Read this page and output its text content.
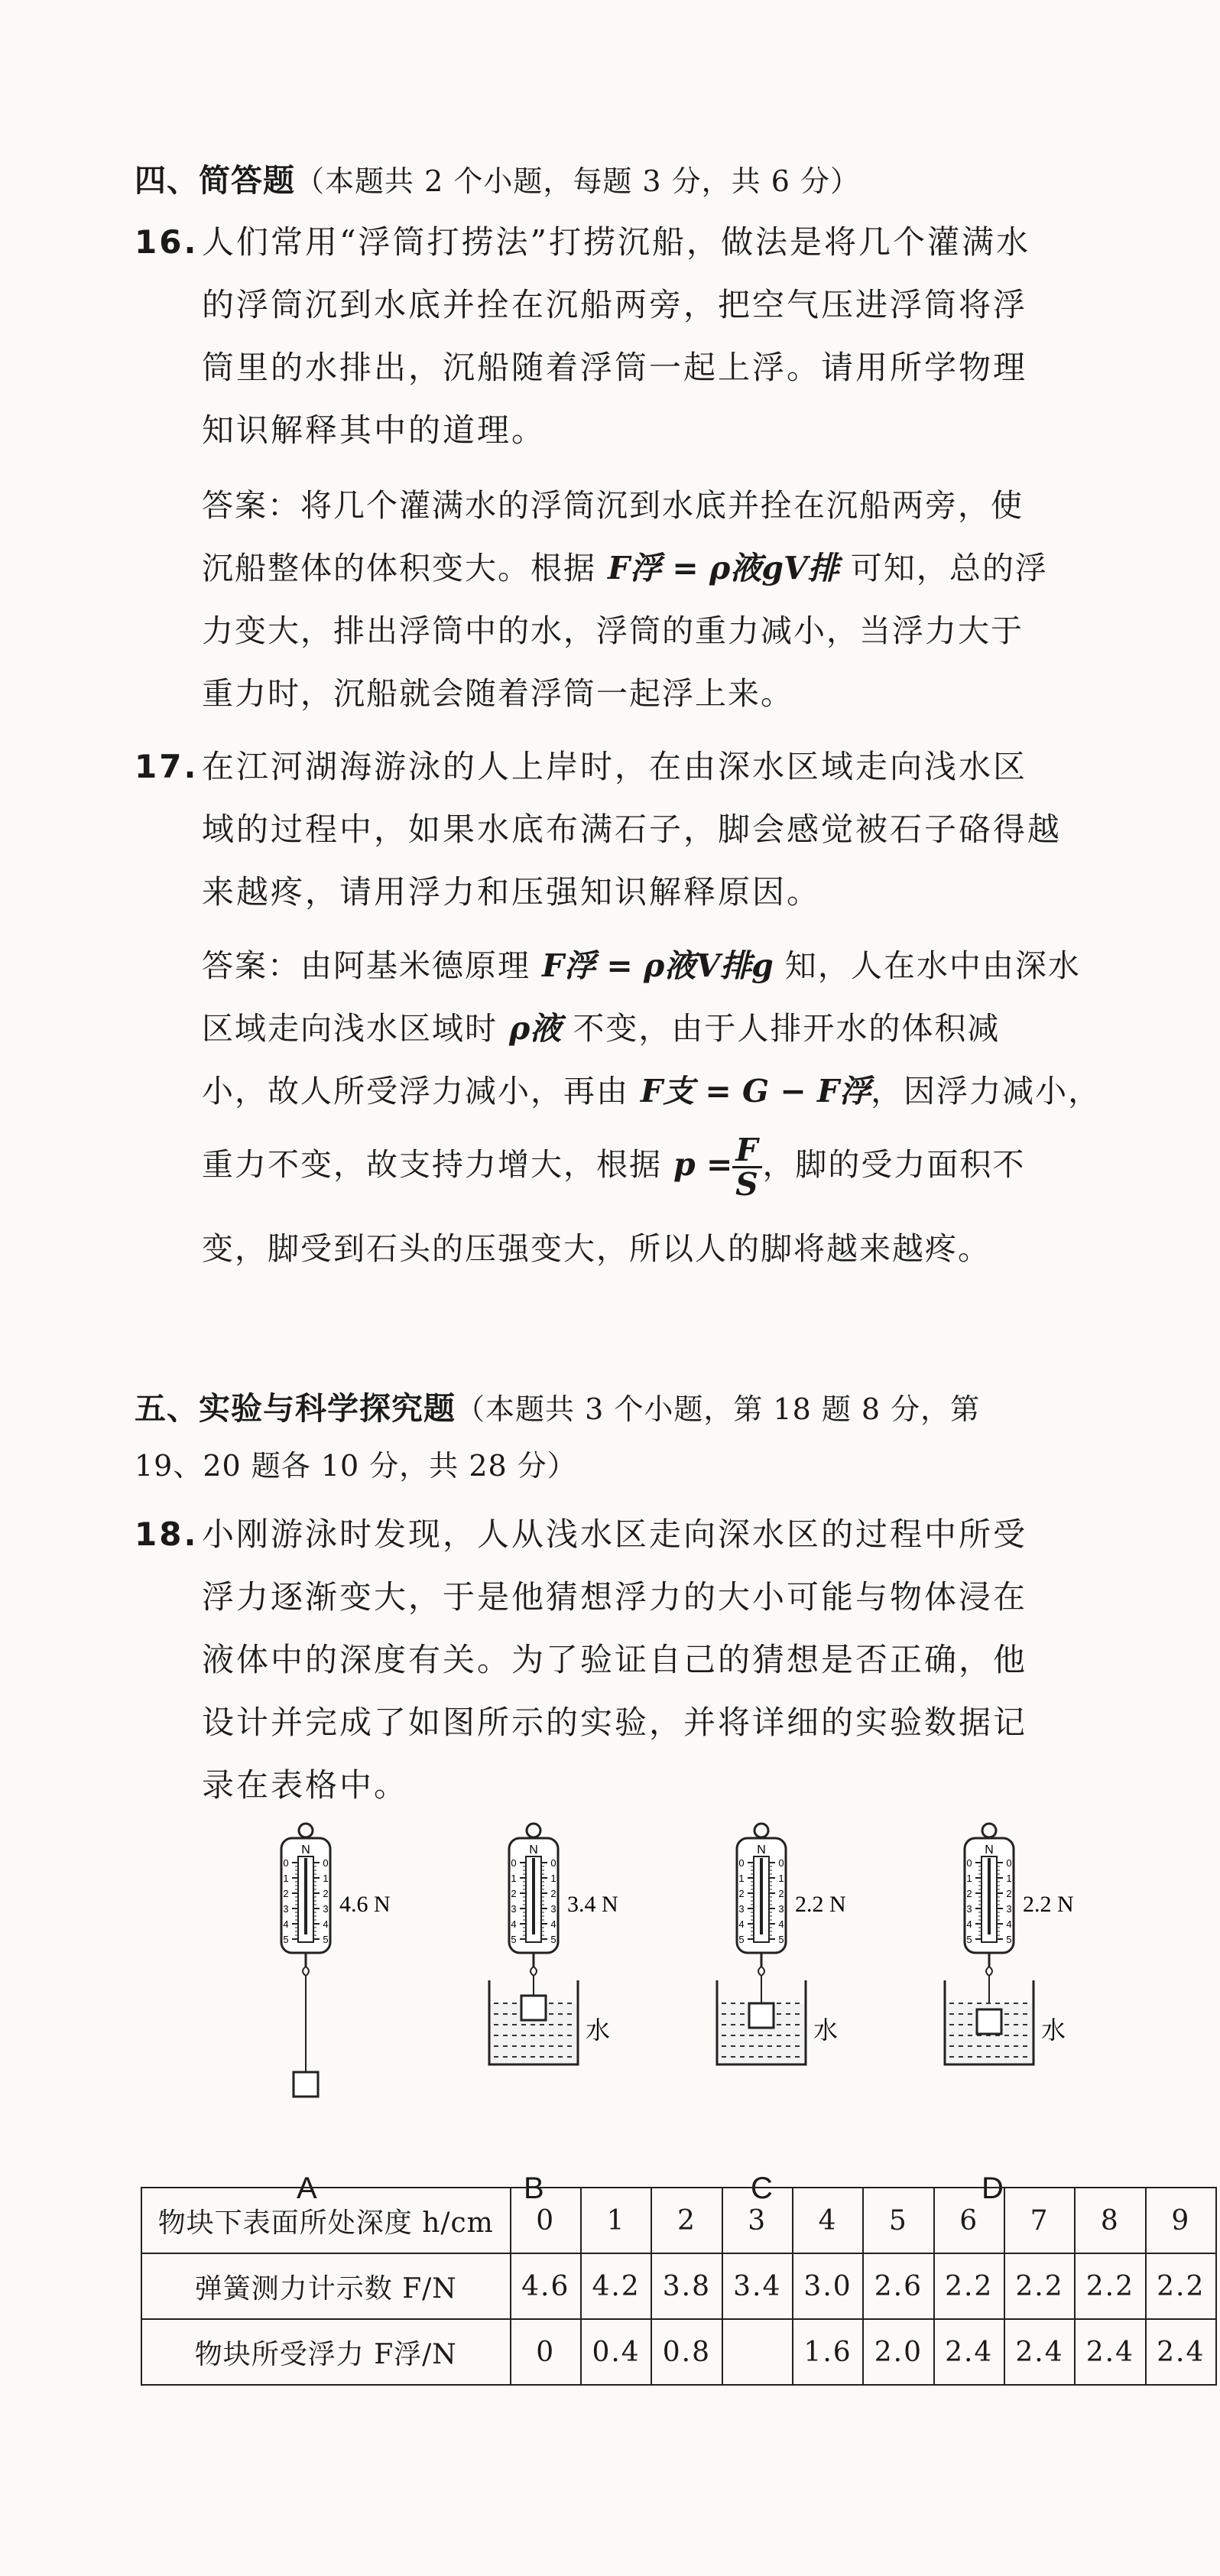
四、简答题（本题共 2 个小题，每题 3 分，共 6 分）
16. 人们常用“浮筒打捞法”打捞沉船，做法是将几个灌满水
的浮筒沉到水底并拴在沉船两旁，把空气压进浮筒将浮
筒里的水排出，沉船随着浮筒一起上浮。请用所学物理
知识解释其中的道理。
答案：将几个灌满水的浮筒沉到水底并拴在沉船两旁，使
沉船整体的体积变大。根据 F浮 = ρ液gV排 可知，总的浮
力变大，排出浮筒中的水，浮筒的重力减小，当浮力大于
重力时，沉船就会随着浮筒一起浮上来。
17. 在江河湖海游泳的人上岸时，在由深水区域走向浅水区
域的过程中，如果水底布满石子，脚会感觉被石子硌得越
来越疼，请用浮力和压强知识解释原因。
答案：由阿基米德原理 F浮 = ρ液V排g 知，人在水中由深水
区域走向浅水区域时 ρ液 不变，由于人排开水的体积减
小，故人所受浮力减小，再由 F支 = G − F浮，因浮力减小，
重力不变，故支持力增大，根据 $p = \frac{F}{S}$ ，脚的受力面积不
变，脚受到石头的压强变大，所以人的脚将越来越疼。
五、实验与科学探究题（本题共 3 个小题，第 18 题 8 分，第
19、20 题各 10 分，共 28 分）
18. 小刚游泳时发现，人从浅水区走向深水区的过程中所受
浮力逐渐变大，于是他猜想浮力的大小可能与物体浸在
液体中的深度有关。为了验证自己的猜想是否正确，他
设计并完成了如图所示的实验，并将详细的实验数据记
录在表格中。
N
0	0
1	1
2	2
3	3
4	4
5	5
4.6 N
N
0	0
1	1
2	2
3	3
4	4
5	5
3.4 N
水
N
0	0
1	1
2	2
3	3
4	4
5	5
2.2 N
水
N
0	0
1	1
2	2
3	3
4	4
5	5
2.2 N
水
A	B	C	D
物块下表面所处深度 h/cm	0	1	2	3	4	5	6	7	8	9
弹簧测力计示数 F/N	4.6	4.2	3.8	3.4	3.0	2.6	2.2	2.2	2.2	2.2
物块所受浮力 F浮/N	0	0.4	0.8		1.6	2.0	2.4	2.4	2.4	2.4
